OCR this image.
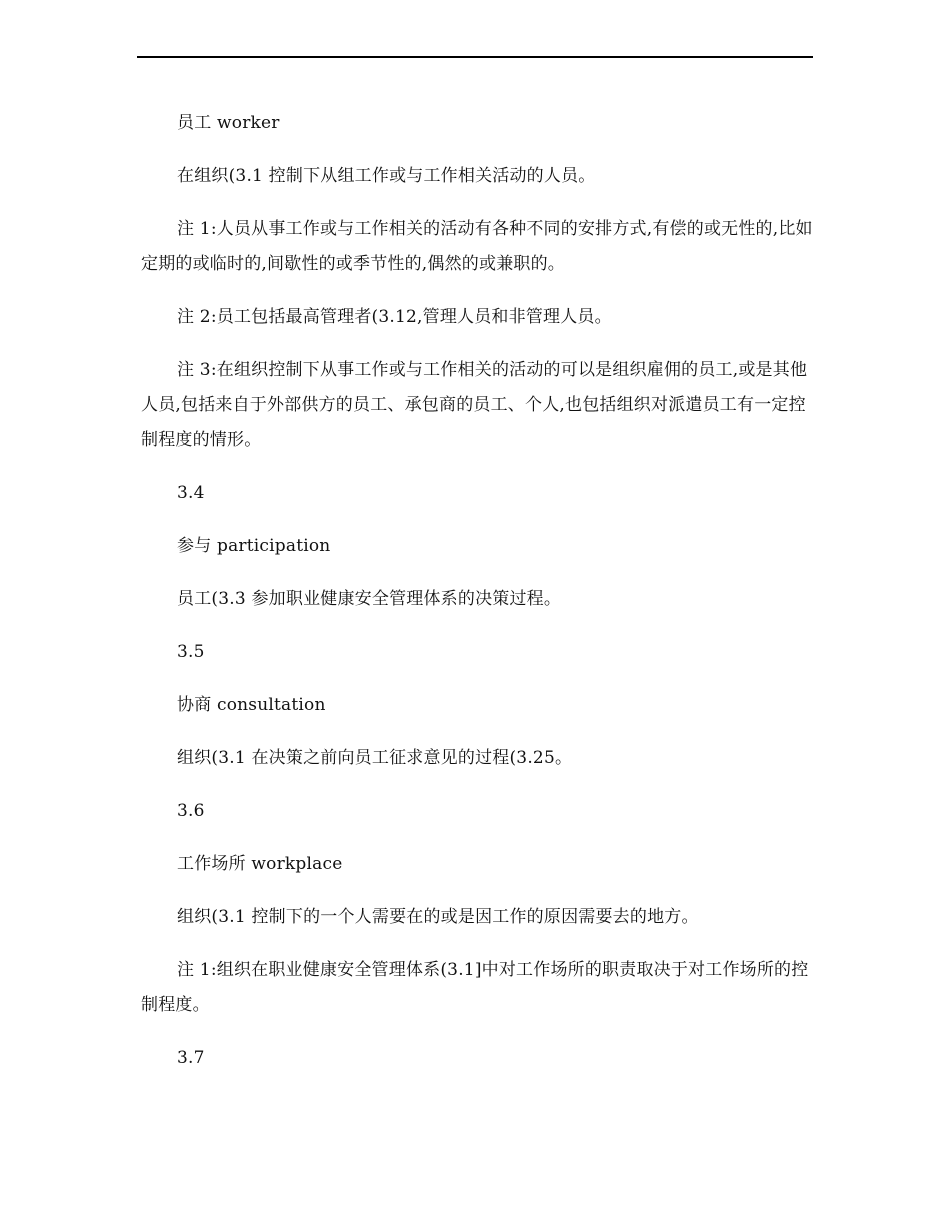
员工 worker

在组织(3.1 控制下从组工作或与工作相关活动的人员。

注 1:人员从事工作或与工作相关的活动有各种不同的安排方式,有偿的或无性的,比如定期的或临时的,间歇性的或季节性的,偶然的或兼职的。

注 2:员工包括最高管理者(3.12,管理人员和非管理人员。

注 3:在组织控制下从事工作或与工作相关的活动的可以是组织雇佣的员工,或是其他人员,包括来自于外部供方的员工、承包商的员工、个人,也包括组织对派遣员工有一定控制程度的情形。

3.4

参与 participation

员工(3.3 参加职业健康安全管理体系的决策过程。

3.5

协商 consultation

组织(3.1 在决策之前向员工征求意见的过程(3.25。

3.6

工作场所 workplace

组织(3.1 控制下的一个人需要在的或是因工作的原因需要去的地方。

注 1:组织在职业健康安全管理体系(3.1]中对工作场所的职责取决于对工作场所的控制程度。

3.7
